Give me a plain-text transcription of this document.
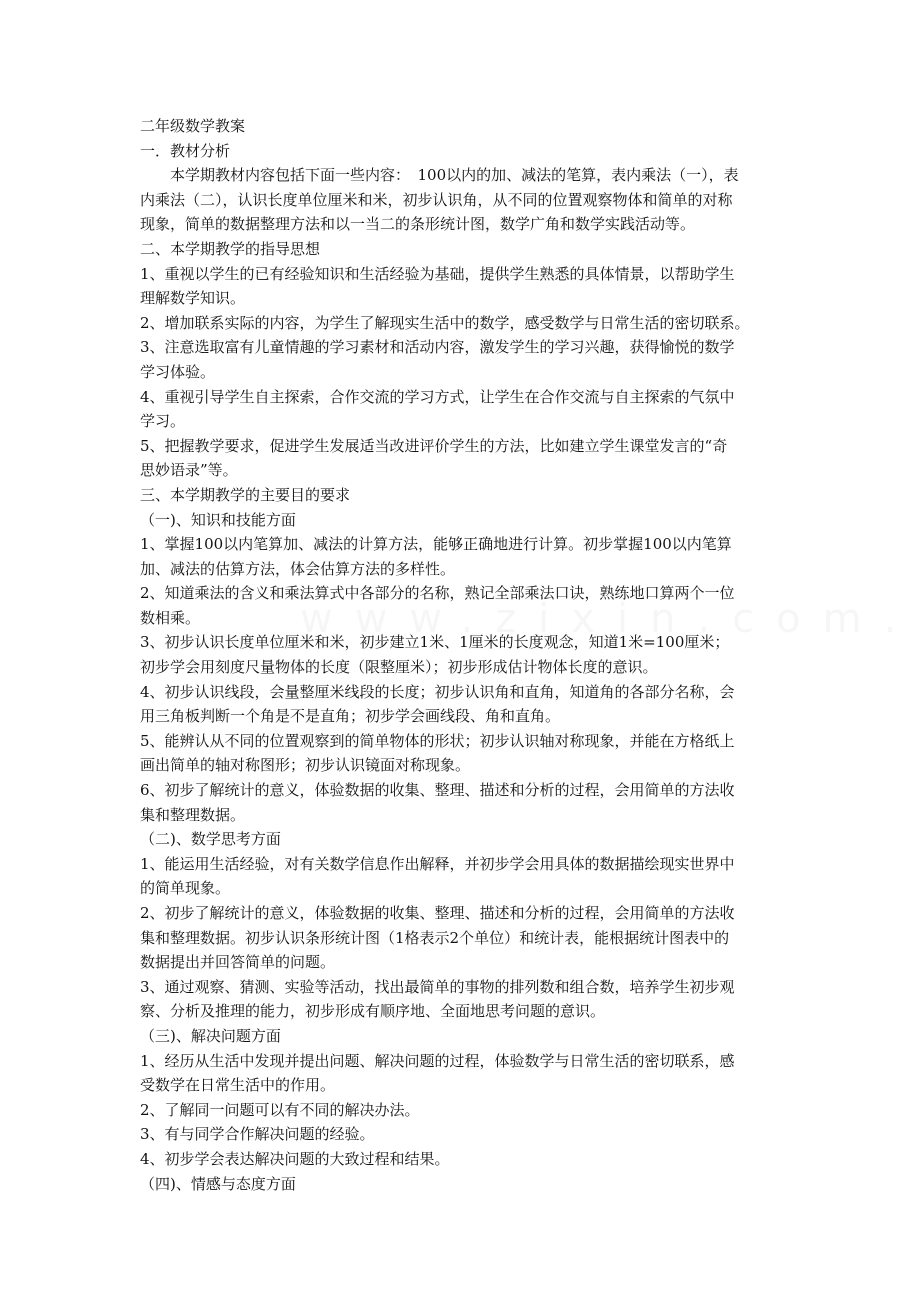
二年级数学教案
一．教材分析
　　本学期教材内容包括下面一些内容：　100以内的加、减法的笔算，表内乘法（一），表
内乘法（二），认识长度单位厘米和米，初步认识角，从不同的位置观察物体和简单的对称
现象，简单的数据整理方法和以一当二的条形统计图，数学广角和数学实践活动等。
二、本学期教学的指导思想
1、重视以学生的已有经验知识和生活经验为基础，提供学生熟悉的具体情景，以帮助学生
理解数学知识。
2、增加联系实际的内容，为学生了解现实生活中的数学，感受数学与日常生活的密切联系。
3、注意选取富有儿童情趣的学习素材和活动内容，激发学生的学习兴趣，获得愉悦的数学
学习体验。
4、重视引导学生自主探索，合作交流的学习方式，让学生在合作交流与自主探索的气氛中
学习。
5、把握教学要求，促进学生发展适当改进评价学生的方法，比如建立学生课堂发言的“奇
思妙语录”等。
三、本学期教学的主要目的要求
（一)、知识和技能方面
1、掌握100以内笔算加、减法的计算方法，能够正确地进行计算。初步掌握100以内笔算
加、减法的估算方法，体会估算方法的多样性。
2、知道乘法的含义和乘法算式中各部分的名称，熟记全部乘法口诀，熟练地口算两个一位
数相乘。
3、初步认识长度单位厘米和米，初步建立1米、1厘米的长度观念，知道1米=100厘米；
初步学会用刻度尺量物体的长度（限整厘米）；初步形成估计物体长度的意识。
4、初步认识线段，会量整厘米线段的长度；初步认识角和直角，知道角的各部分名称，会
用三角板判断一个角是不是直角；初步学会画线段、角和直角。
5、能辨认从不同的位置观察到的简单物体的形状；初步认识轴对称现象，并能在方格纸上
画出简单的轴对称图形；初步认识镜面对称现象。
6、初步了解统计的意义，体验数据的收集、整理、描述和分析的过程，会用简单的方法收
集和整理数据。
（二)、数学思考方面
1、能运用生活经验，对有关数学信息作出解释，并初步学会用具体的数据描绘现实世界中
的简单现象。
2、初步了解统计的意义，体验数据的收集、整理、描述和分析的过程，会用简单的方法收
集和整理数据。初步认识条形统计图（1格表示2个单位）和统计表，能根据统计图表中的
数据提出并回答简单的问题。
3、通过观察、猜测、实验等活动，找出最简单的事物的排列数和组合数，培养学生初步观
察、分析及推理的能力，初步形成有顺序地、全面地思考问题的意识。
（三)、解决问题方面
1、经历从生活中发现并提出问题、解决问题的过程，体验数学与日常生活的密切联系，感
受数学在日常生活中的作用。
2、了解同一问题可以有不同的解决办法。
3、有与同学合作解决问题的经验。
4、初步学会表达解决问题的大致过程和结果。
（四)、情感与态度方面
